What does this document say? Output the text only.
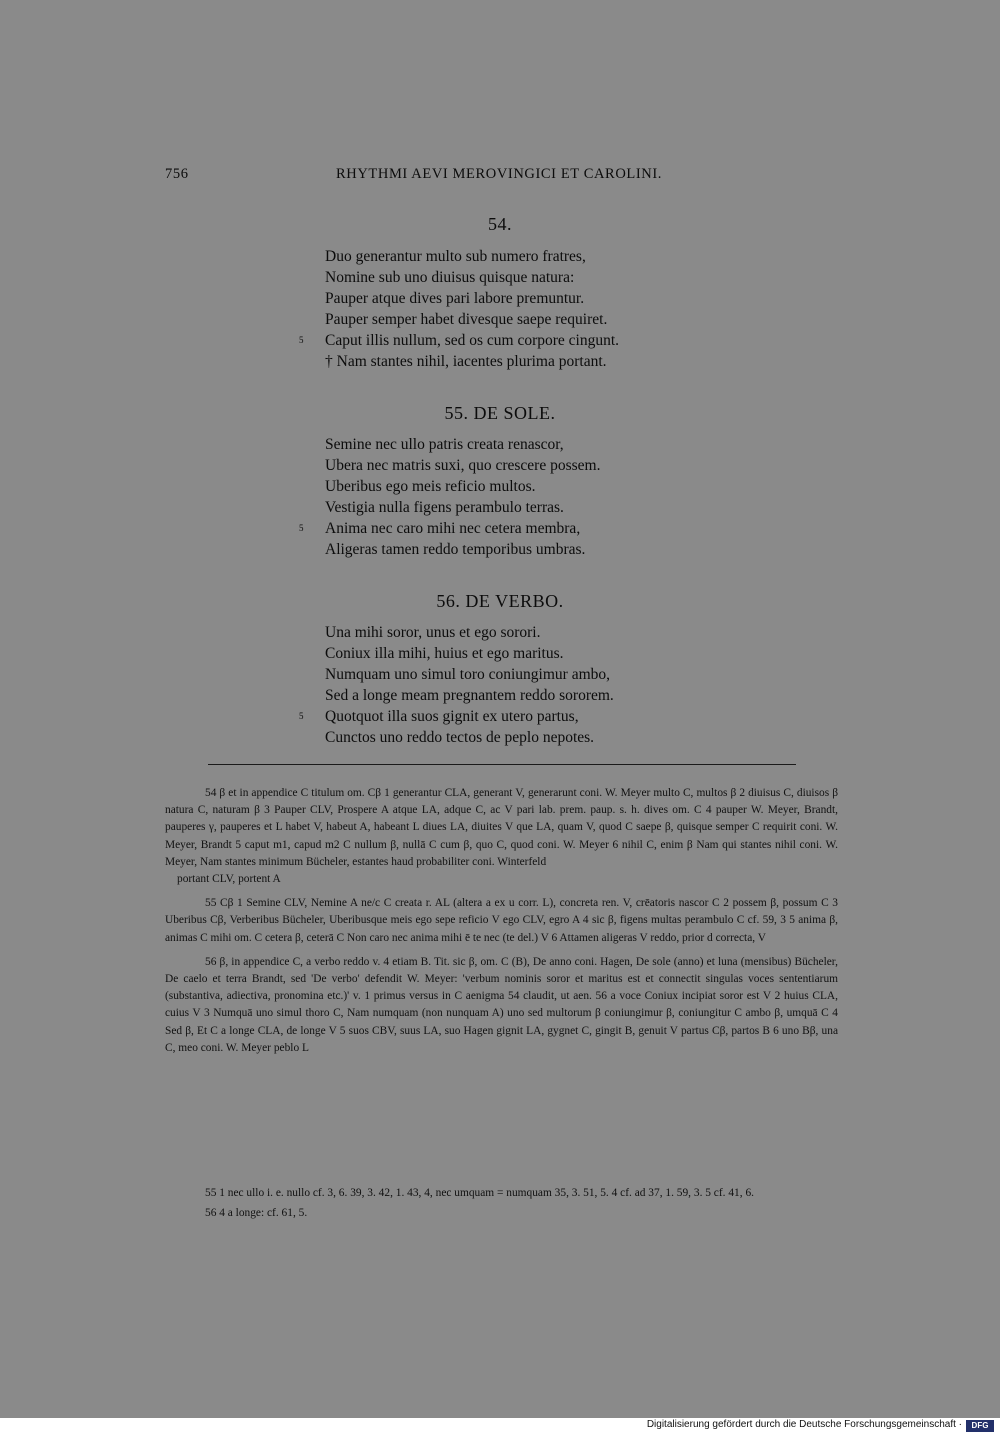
756	RHYTHMI AEVI MEROVINGICI ET CAROLINI.
54.
Duo generantur multo sub numero fratres,
Nomine sub uno diuisus quisque natura:
Pauper atque dives pari labore premuntur.
Pauper semper habet divesque saepe requiret.
5 Caput illis nullum, sed os cum corpore cingunt.
† Nam stantes nihil, iacentes plurima portant.
55. DE SOLE.
Semine nec ullo patris creata renascor,
Ubera nec matris suxi, quo crescere possem.
Uberibus ego meis reficio multos.
Vestigia nulla figens perambulo terras.
5 Anima nec caro mihi nec cetera membra,
Aligeras tamen reddo temporibus umbras.
56. DE VERBO.
Una mihi soror, unus et ego sorori.
Coniux illa mihi, huius et ego maritus.
Numquam uno simul toro coniungimur ambo,
Sed a longe meam pregnantem reddo sororem.
5 Quotquot illa suos gignit ex utero partus,
Cunctos uno reddo tectos de peplo nepotes.

54 β et in appendice C titulum om. Cβ 1 generantur CLA, generant V, generarunt coni. W. Meyer multo C, multos β 2 diuisus C, diuisos β natura C, naturam β 3 Pauper CLV, Prospere A atque LA, adque C, ac V pari lab. prem. paup. s. h. dives om. C 4 pauper W. Meyer, Brandt, pauperes γ, pauperes et L habet V, habeut A, habeant L diues LA, diuites V que LA, quam V, quod C saepe β, quisque semper C requirit coni. W. Meyer, Brandt 5 caput m1, capud m2 C nullum β, nullā C cum β, quo C, quod coni. W. Meyer 6 nihil C, enim β Nam qui stantes nihil coni. W. Meyer, Nam stantes minimum Bücheler, estantes haud probabiliter coni. Winterfeld

portant CLV, portent A

55 Cβ 1 Semine CLV, Nemine A ne/c C creata r. AL (altera a ex u corr. L), concreta ren. V, crēatoris nascor C 2 possem β, possum C 3 Uberibus Cβ, Verberibus Bücheler, Uberibusque meis ego sepe reficio V ego CLV, egro A 4 sic β, figens multas perambulo C cf. 59, 3 5 anima β, animas C mihi om. C cetera β, ceterā C Non caro nec anima mihi ē te nec (te del.) V 6 Attamen aligeras V reddo, prior d correcta, V

56 β, in appendice C, a verbo reddo v. 4 etiam B. Tit. sic β, om. C (B), De anno coni. Hagen, De sole (anno) et luna (mensibus) Bücheler, De caelo et terra Brandt, sed 'De verbo' defendit W. Meyer: 'verbum nominis soror et maritus est et connectit singulas voces sententiarum (substantiva, adiectiva, pronomina etc.)' v. 1 primus versus in C aenigma 54 claudit, ut aen. 56 a voce Coniux incipiat soror est V 2 huius CLA, cuius V 3 Numquā uno simul thoro C, Nam numquam (non nunquam A) uno sed multorum β coniungimur β, coniungitur C ambo β, umquā C 4 Sed β, Et C a longe CLA, de longe V 5 suos CBV, suus LA, suo Hagen gignit LA, gygnet C, gingit B, genuit V partus Cβ, partos B 6 uno Bβ, una C, meo coni. W. Meyer peblo L

55 1 nec ullo i. e. nullo cf. 3, 6. 39, 3. 42, 1. 43, 4, nec umquam = numquam 35, 3. 51, 5. 4 cf. ad 37, 1. 59, 3. 5 cf. 41, 6.

56 4 a longe: cf. 61, 5.

Digitalisierung gefördert durch die Deutsche Forschungsgemeinschaft ·	DFG
